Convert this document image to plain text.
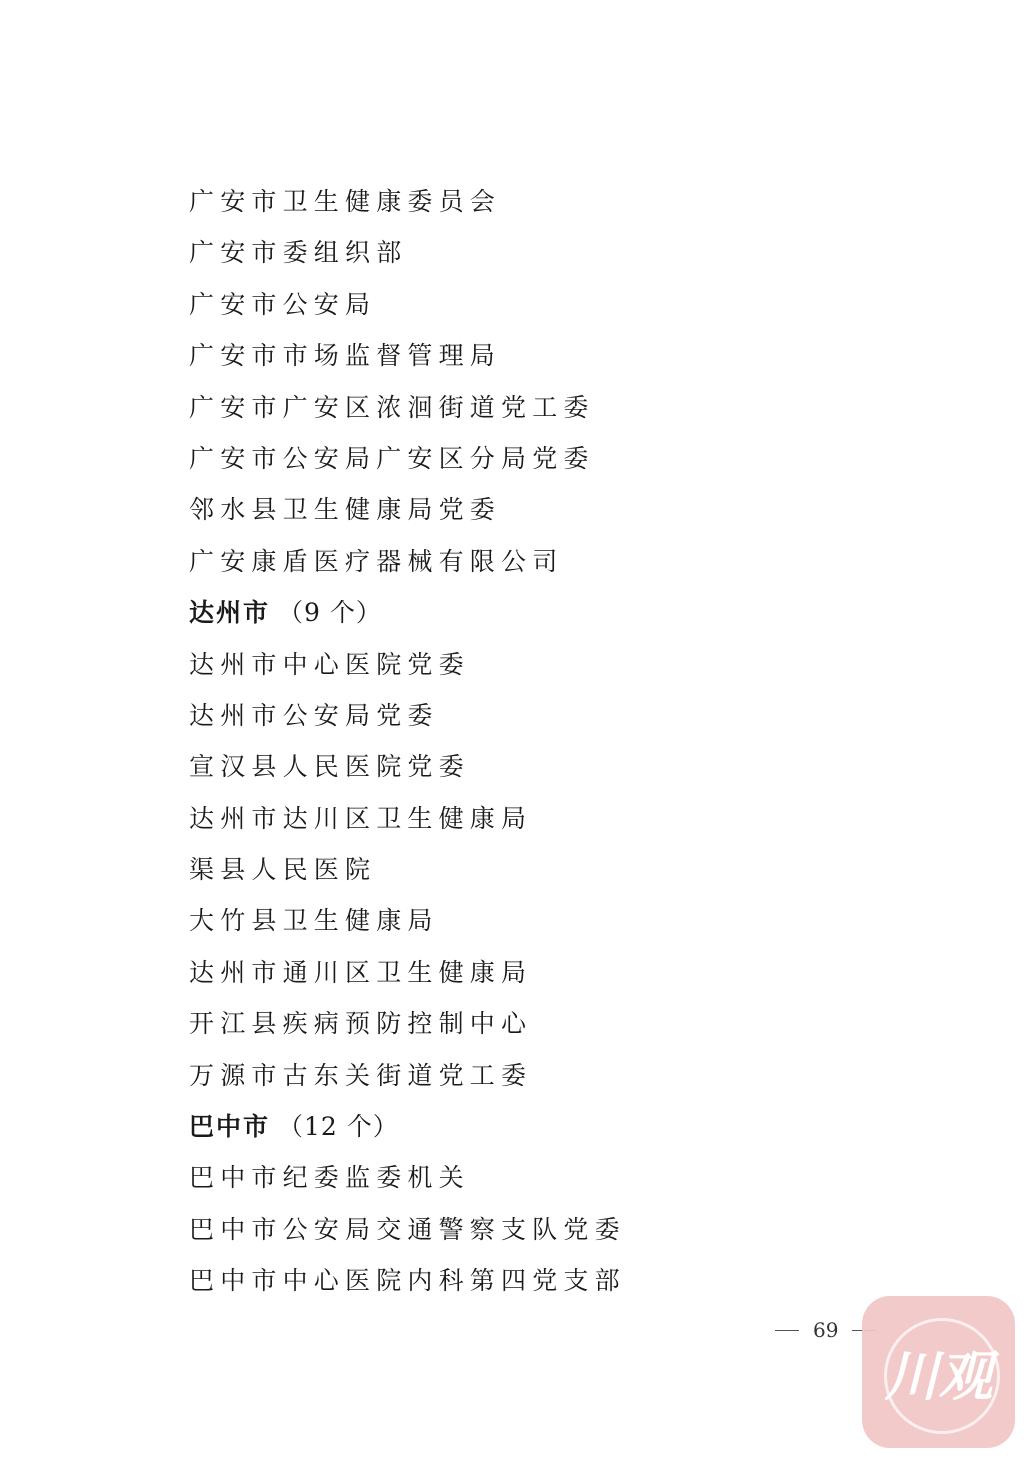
广安市卫生健康委员会
广安市委组织部
广安市公安局
广安市市场监督管理局
广安市广安区浓洄街道党工委
广安市公安局广安区分局党委
邻水县卫生健康局党委
广安康盾医疗器械有限公司
达州市 （9 个）
达州市中心医院党委
达州市公安局党委
宣汉县人民医院党委
达州市达川区卫生健康局
渠县人民医院
大竹县卫生健康局
达州市通川区卫生健康局
开江县疾病预防控制中心
万源市古东关街道党工委
巴中市 （12 个）
巴中市纪委监委机关
巴中市公安局交通警察支队党委
巴中市中心医院内科第四党支部
69
川观
